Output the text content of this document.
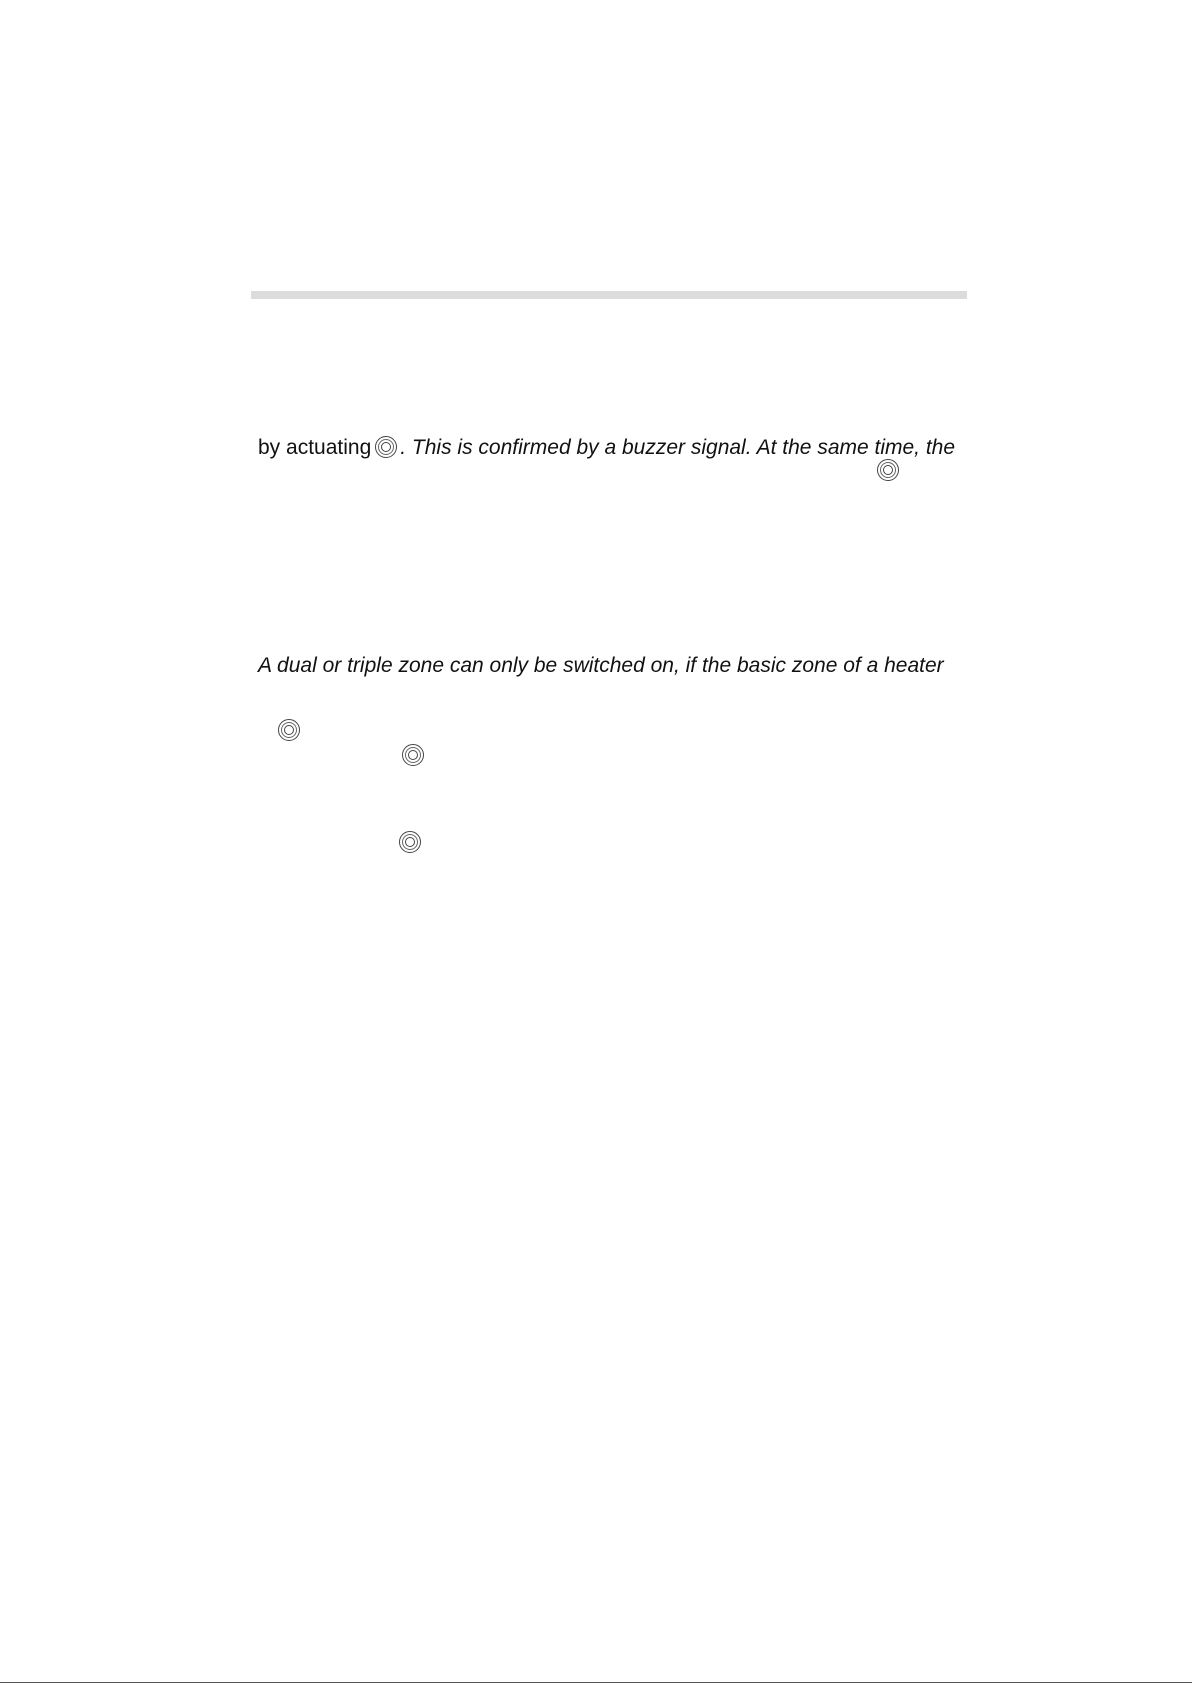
by actuating . This is confirmed by a buzzer signal. At the same time, the
A dual or triple zone can only be switched on, if the basic zone of a heater
